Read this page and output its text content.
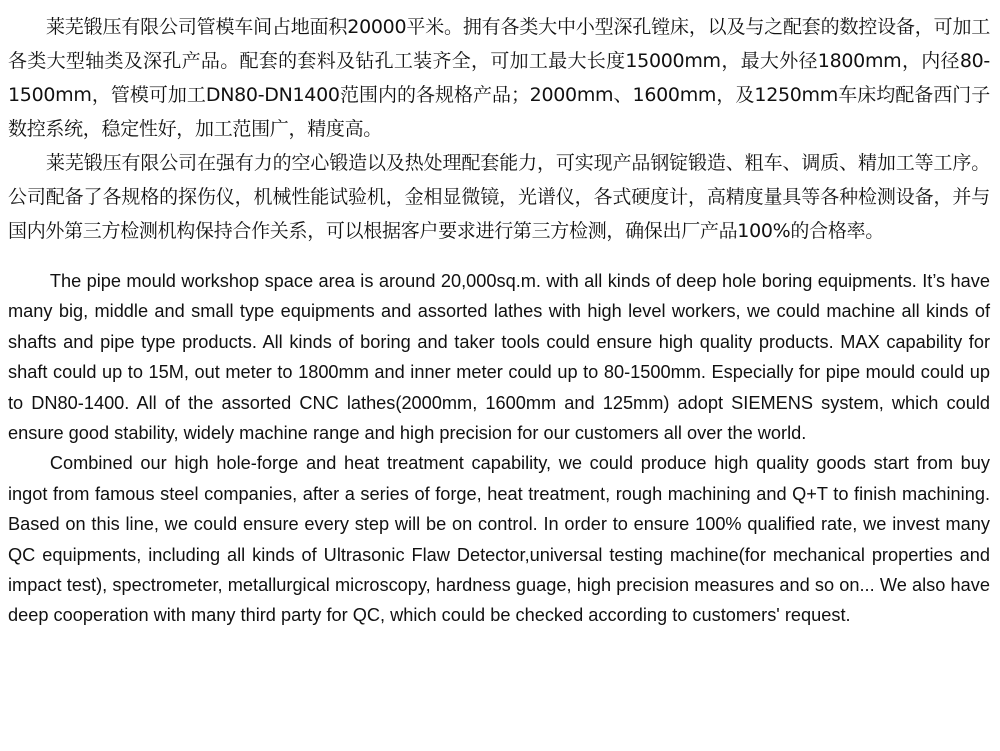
莱芜锻压有限公司管模车间占地面积20000平米。拥有各类大中小型深孔镗床，以及与之配套的数控设备，可加工各类大型轴类及深孔产品。配套的套料及钻孔工装齐全，可加工最大长度15000mm，最大外径1800mm，内径80-1500mm，管模可加工DN80-DN1400范围内的各规格产品；2000mm、1600mm，及1250mm车床均配备西门子数控系统，稳定性好，加工范围广，精度高。

莱芜锻压有限公司在强有力的空心锻造以及热处理配套能力，可实现产品钢锭锻造、粗车、调质、精加工等工序。公司配备了各规格的探伤仪，机械性能试验机，金相显微镜，光谱仪，各式硬度计，高精度量具等各种检测设备，并与国内外第三方检测机构保持合作关系，可以根据客户要求进行第三方检测，确保出厂产品100%的合格率。

The pipe mould workshop space area is around 20,000sq.m. with all kinds of deep hole boring equipments. It’s have many big, middle and small type equipments and assorted lathes with high level workers, we could machine all kinds of shafts and pipe type products. All kinds of boring and taker tools could ensure high quality products. MAX capability for shaft could up to 15M, out meter to 1800mm and inner meter could up to 80-1500mm. Especially for pipe mould could up to DN80-1400. All of the assorted CNC lathes(2000mm, 1600mm and 125mm) adopt SIEMENS system, which could ensure good stability, widely machine range and high precision for our customers all over the world.

Combined our high hole-forge and heat treatment capability, we could produce high quality goods start from buy ingot from famous steel companies, after a series of forge, heat treatment, rough machining and Q+T to finish machining. Based on this line, we could ensure every step will be on control. In order to ensure 100% qualified rate, we invest many QC equipments, including all kinds of Ultrasonic Flaw Detector,universal testing machine(for mechanical properties and impact test), spectrometer, metallurgical microscopy, hardness guage, high precision measures and so on... We also have deep cooperation with many third party for QC, which could be checked according to customers' request.
